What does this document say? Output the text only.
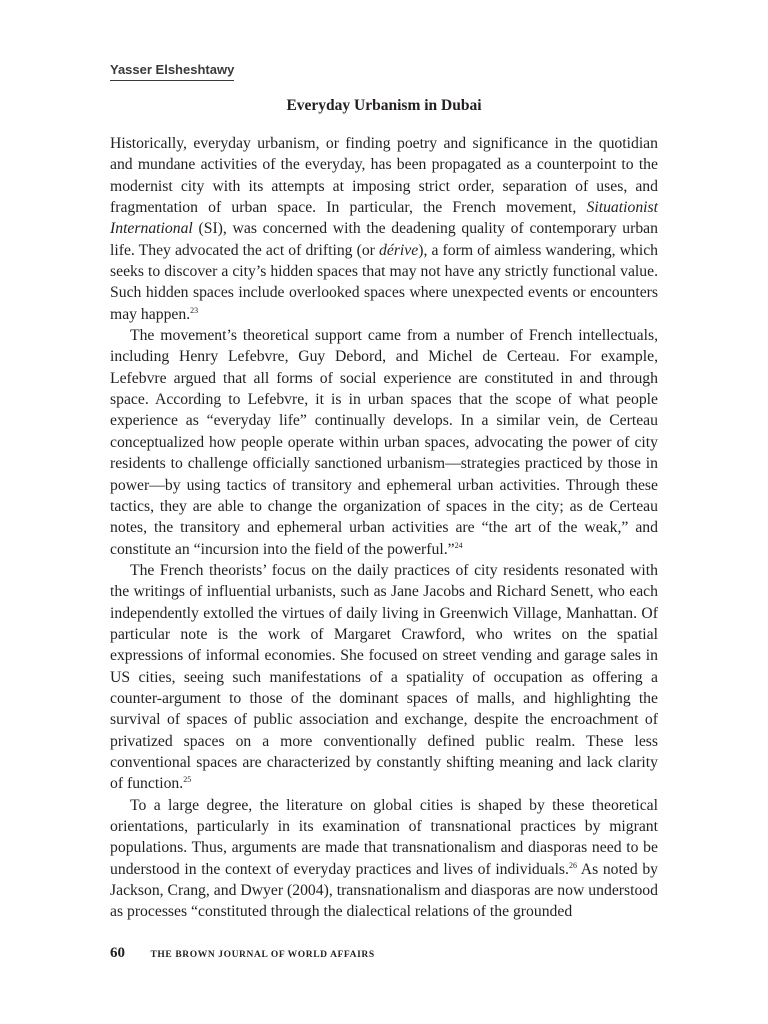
Yasser Elsheshtawy
Everyday Urbanism in Dubai

Historically, everyday urbanism, or finding poetry and significance in the quotidian and mundane activities of the everyday, has been propagated as a counterpoint to the modernist city with its attempts at imposing strict order, separation of uses, and fragmentation of urban space. In particular, the French movement, Situationist International (SI), was concerned with the deadening quality of contemporary urban life. They advocated the act of drifting (or dérive), a form of aimless wandering, which seeks to discover a city’s hidden spaces that may not have any strictly functional value. Such hidden spaces include overlooked spaces where unexpected events or encounters may happen.$^{23}$

The movement’s theoretical support came from a number of French intellectuals, including Henry Lefebvre, Guy Debord, and Michel de Certeau. For example, Lefebvre argued that all forms of social experience are constituted in and through space. According to Lefebvre, it is in urban spaces that the scope of what people experience as “everyday life” continually develops. In a similar vein, de Certeau conceptualized how people operate within urban spaces, advocating the power of city residents to challenge officially sanctioned urbanism—strategies practiced by those in power—by using tactics of transitory and ephemeral urban activities. Through these tactics, they are able to change the organization of spaces in the city; as de Certeau notes, the transitory and ephemeral urban activities are “the art of the weak,” and constitute an “incursion into the field of the powerful.”$^{24}$

The French theorists’ focus on the daily practices of city residents resonated with the writings of influential urbanists, such as Jane Jacobs and Richard Senett, who each independently extolled the virtues of daily living in Greenwich Village, Manhattan. Of particular note is the work of Margaret Crawford, who writes on the spatial expressions of informal economies. She focused on street vending and garage sales in US cities, seeing such manifestations of a spatiality of occupation as offering a counter-argument to those of the dominant spaces of malls, and highlighting the survival of spaces of public association and exchange, despite the encroachment of privatized spaces on a more conventionally defined public realm. These less conventional spaces are characterized by constantly shifting meaning and lack clarity of function.$^{25}$

To a large degree, the literature on global cities is shaped by these theoretical orientations, particularly in its examination of transnational practices by migrant populations. Thus, arguments are made that transnationalism and diasporas need to be understood in the context of everyday practices and lives of individuals.$^{26}$ As noted by Jackson, Crang, and Dwyer (2004), transnationalism and diasporas are now understood as processes “constituted through the dialectical relations of the grounded

60	THE BROWN JOURNAL OF WORLD AFFAIRS
